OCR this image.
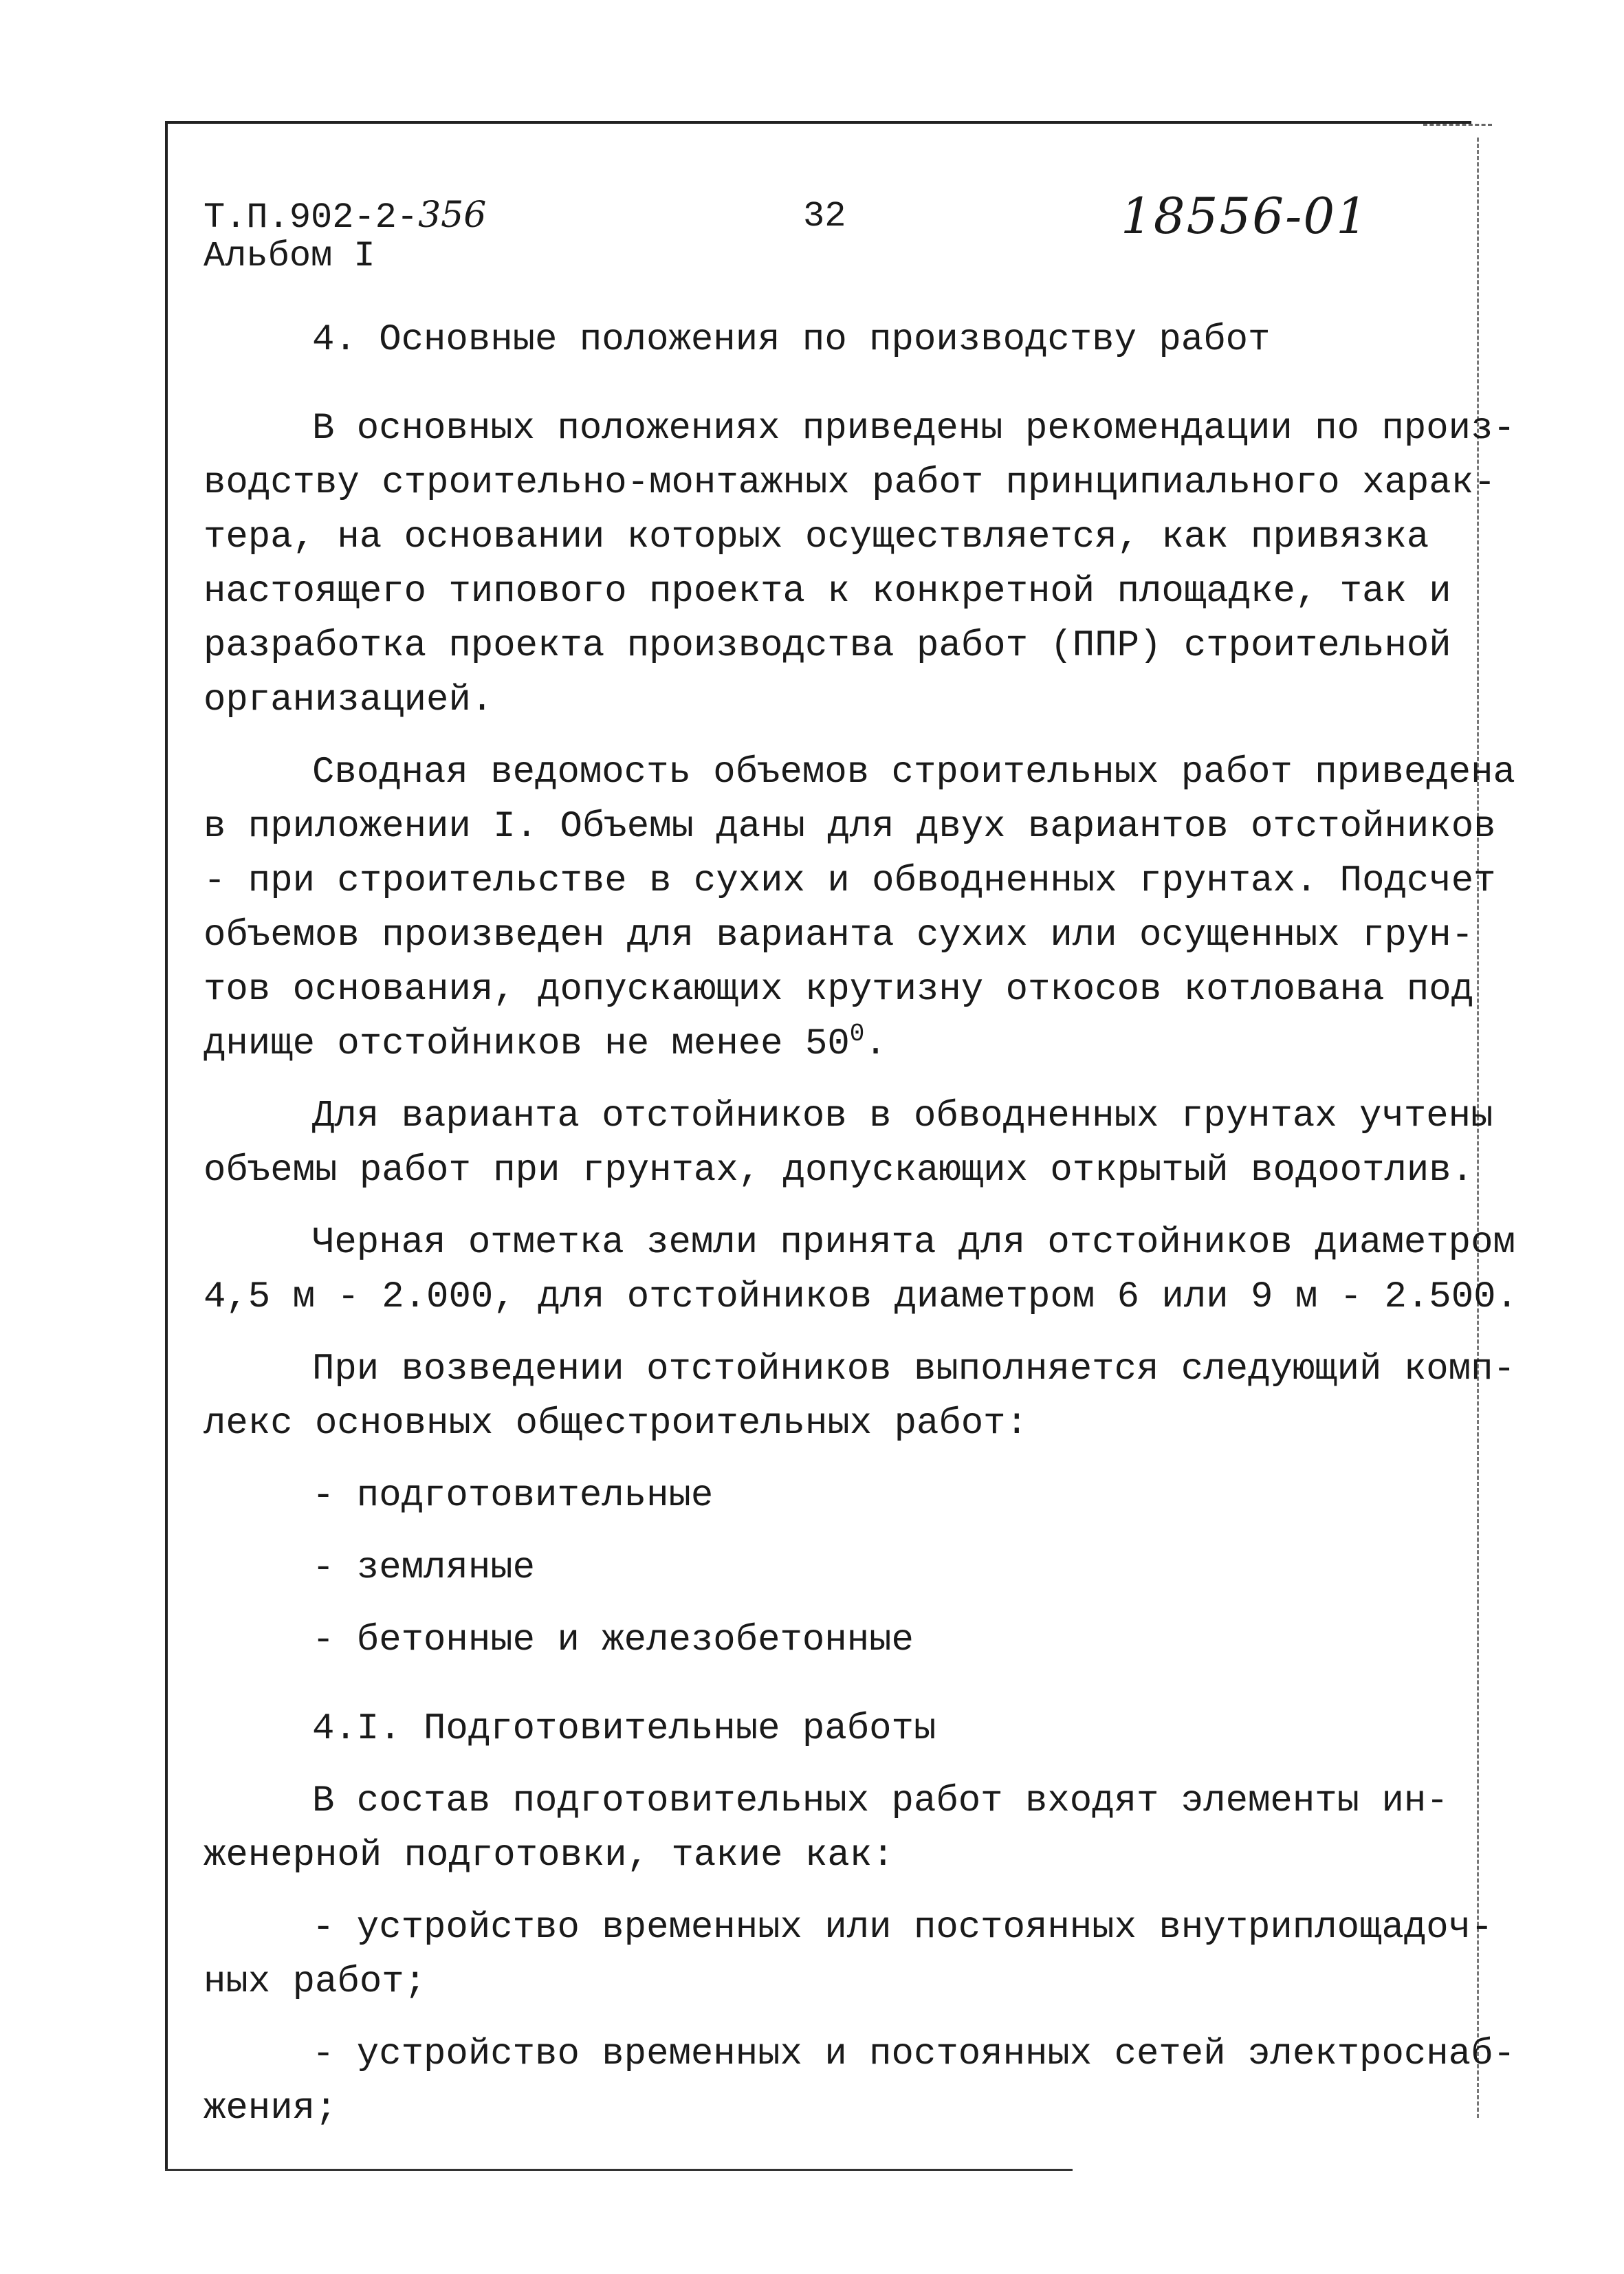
Т.П.902-2-356
Альбом I
32	18556-01

4. Основные положения по производству работ

В основных положениях приведены рекомендации по произ-

водству строительно-монтажных работ принципиального харак-

тера, на основании которых осуществляется, как привязка

настоящего типового проекта к конкретной площадке, так и

разработка проекта производства работ (ППР) строительной

организацией.

Сводная ведомость объемов строительных работ приведена

в приложении I. Объемы даны для двух вариантов отстойников

- при строительстве в сухих и обводненных грунтах. Подсчет

объемов произведен для варианта сухих или осущенных грун-

тов основания, допускающих крутизну откосов котлована под

днище отстойников не менее $50^0$.

Для варианта отстойников в обводненных грунтах учтены

объемы работ при грунтах, допускающих открытый водоотлив.

Черная отметка земли принята для отстойников диаметром

4,5 м - 2.000, для отстойников диаметром 6 или 9 м - 2.500.

При возведении отстойников выполняется следующий комп-

лекс основных общестроительных работ:

- подготовительные

- земляные

- бетонные и железобетонные

4.I. Подготовительные работы

В состав подготовительных работ входят элементы ин-

женерной подготовки, такие как:

- устройство временных или постоянных внутриплощадоч-

ных работ;

- устройство временных и постоянных сетей электроснаб-

жения;
